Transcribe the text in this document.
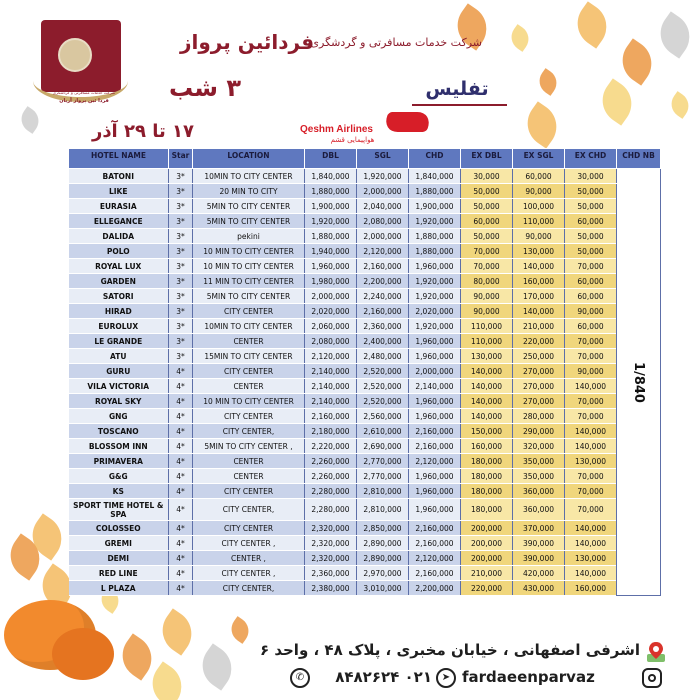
شرکت خدمات مسافرتی و گردشگری
فردا ئین پرواز آریان
فردائین پرواز
شرکت خدمات مسافرتی و گردشگری
۳ شب	تفلیس
۱۷ تا ۲۹ آذر	Qeshm Airlines
هواپیمایی قشم
HOTEL NAME	Star	LOCATION	DBL	SGL	CHD	EX DBL	EX SGL	EX CHD	CHD NB
BATONI	3*	10MIN TO CITY CENTER	1,840,000	1,920,000	1,840,000	30,000	60,000	30,000	1/840
LIKE	3*	20 MIN TO CITY	1,880,000	2,000,000	1,880,000	50,000	90,000	50,000	
EURASIA	3*	5MIN TO CITY CENTER	1,900,000	2,040,000	1,900,000	50,000	100,000	50,000	
ELLEGANCE	3*	5MIN TO CITY CENTER	1,920,000	2,080,000	1,920,000	60,000	110,000	60,000	
DALIDA	3*	pekini	1,880,000	2,000,000	1,880,000	50,000	90,000	50,000	
POLO	3*	10 MIN TO CITY CENTER	1,940,000	2,120,000	1,880,000	70,000	130,000	50,000	
ROYAL LUX	3*	10 MIN TO CITY CENTER	1,960,000	2,160,000	1,960,000	70,000	140,000	70,000	
GARDEN	3*	11 MIN TO CITY CENTER	1,980,000	2,200,000	1,920,000	80,000	160,000	60,000	
SATORI	3*	5MIN TO CITY CENTER	2,000,000	2,240,000	1,920,000	90,000	170,000	60,000	
HIRAD	3*	CITY CENTER	2,020,000	2,160,000	2,020,000	90,000	140,000	90,000	
EUROLUX	3*	10MIN TO CITY CENTER	2,060,000	2,360,000	1,920,000	110,000	210,000	60,000	
LE GRANDE	3*	CENTER	2,080,000	2,400,000	1,960,000	110,000	220,000	70,000	
ATU	3*	15MIN TO CITY CENTER	2,120,000	2,480,000	1,960,000	130,000	250,000	70,000	
GURU	4*	CITY CENTER	2,140,000	2,520,000	2,000,000	140,000	270,000	90,000	
VILA VICTORIA	4*	CENTER	2,140,000	2,520,000	2,140,000	140,000	270,000	140,000	
ROYAL SKY	4*	10 MIN TO CITY CENTER	2,140,000	2,520,000	1,960,000	140,000	270,000	70,000	
GNG	4*	CITY CENTER	2,160,000	2,560,000	1,960,000	140,000	280,000	70,000	
TOSCANO	4*	CITY CENTER,	2,180,000	2,610,000	2,160,000	150,000	290,000	140,000	
BLOSSOM INN	4*	5MIN TO CITY CENTER ,	2,220,000	2,690,000	2,160,000	160,000	320,000	140,000	
PRIMAVERA	4*	CENTER	2,260,000	2,770,000	2,120,000	180,000	350,000	130,000	
G&G	4*	CENTER	2,260,000	2,770,000	1,960,000	180,000	350,000	70,000	
KS	4*	CITY CENTER	2,280,000	2,810,000	1,960,000	180,000	360,000	70,000	
SPORT TIME HOTEL & SPA	4*	CITY CENTER,	2,280,000	2,810,000	1,960,000	180,000	360,000	70,000	
COLOSSEO	4*	CITY CENTER	2,320,000	2,850,000	2,160,000	200,000	370,000	140,000	
GREMI	4*	CITY CENTER ,	2,320,000	2,890,000	2,160,000	200,000	390,000	140,000	
DEMI	4*	CENTER ,	2,320,000	2,890,000	2,120,000	200,000	390,000	130,000	
RED LINE	4*	CITY CENTER ,	2,360,000	2,970,000	2,160,000	210,000	420,000	140,000	
L PLAZA	4*	CITY CENTER,	2,380,000	3,010,000	2,200,000	220,000	430,000	160,000	
اشرفی اصفهانی ، خیابان مخبری ، پلاک ۴۸ ، واحد ۶
fardaeenparvaz
➤
۰۲۱ ۸۴۸۲۶۲۴
✆
